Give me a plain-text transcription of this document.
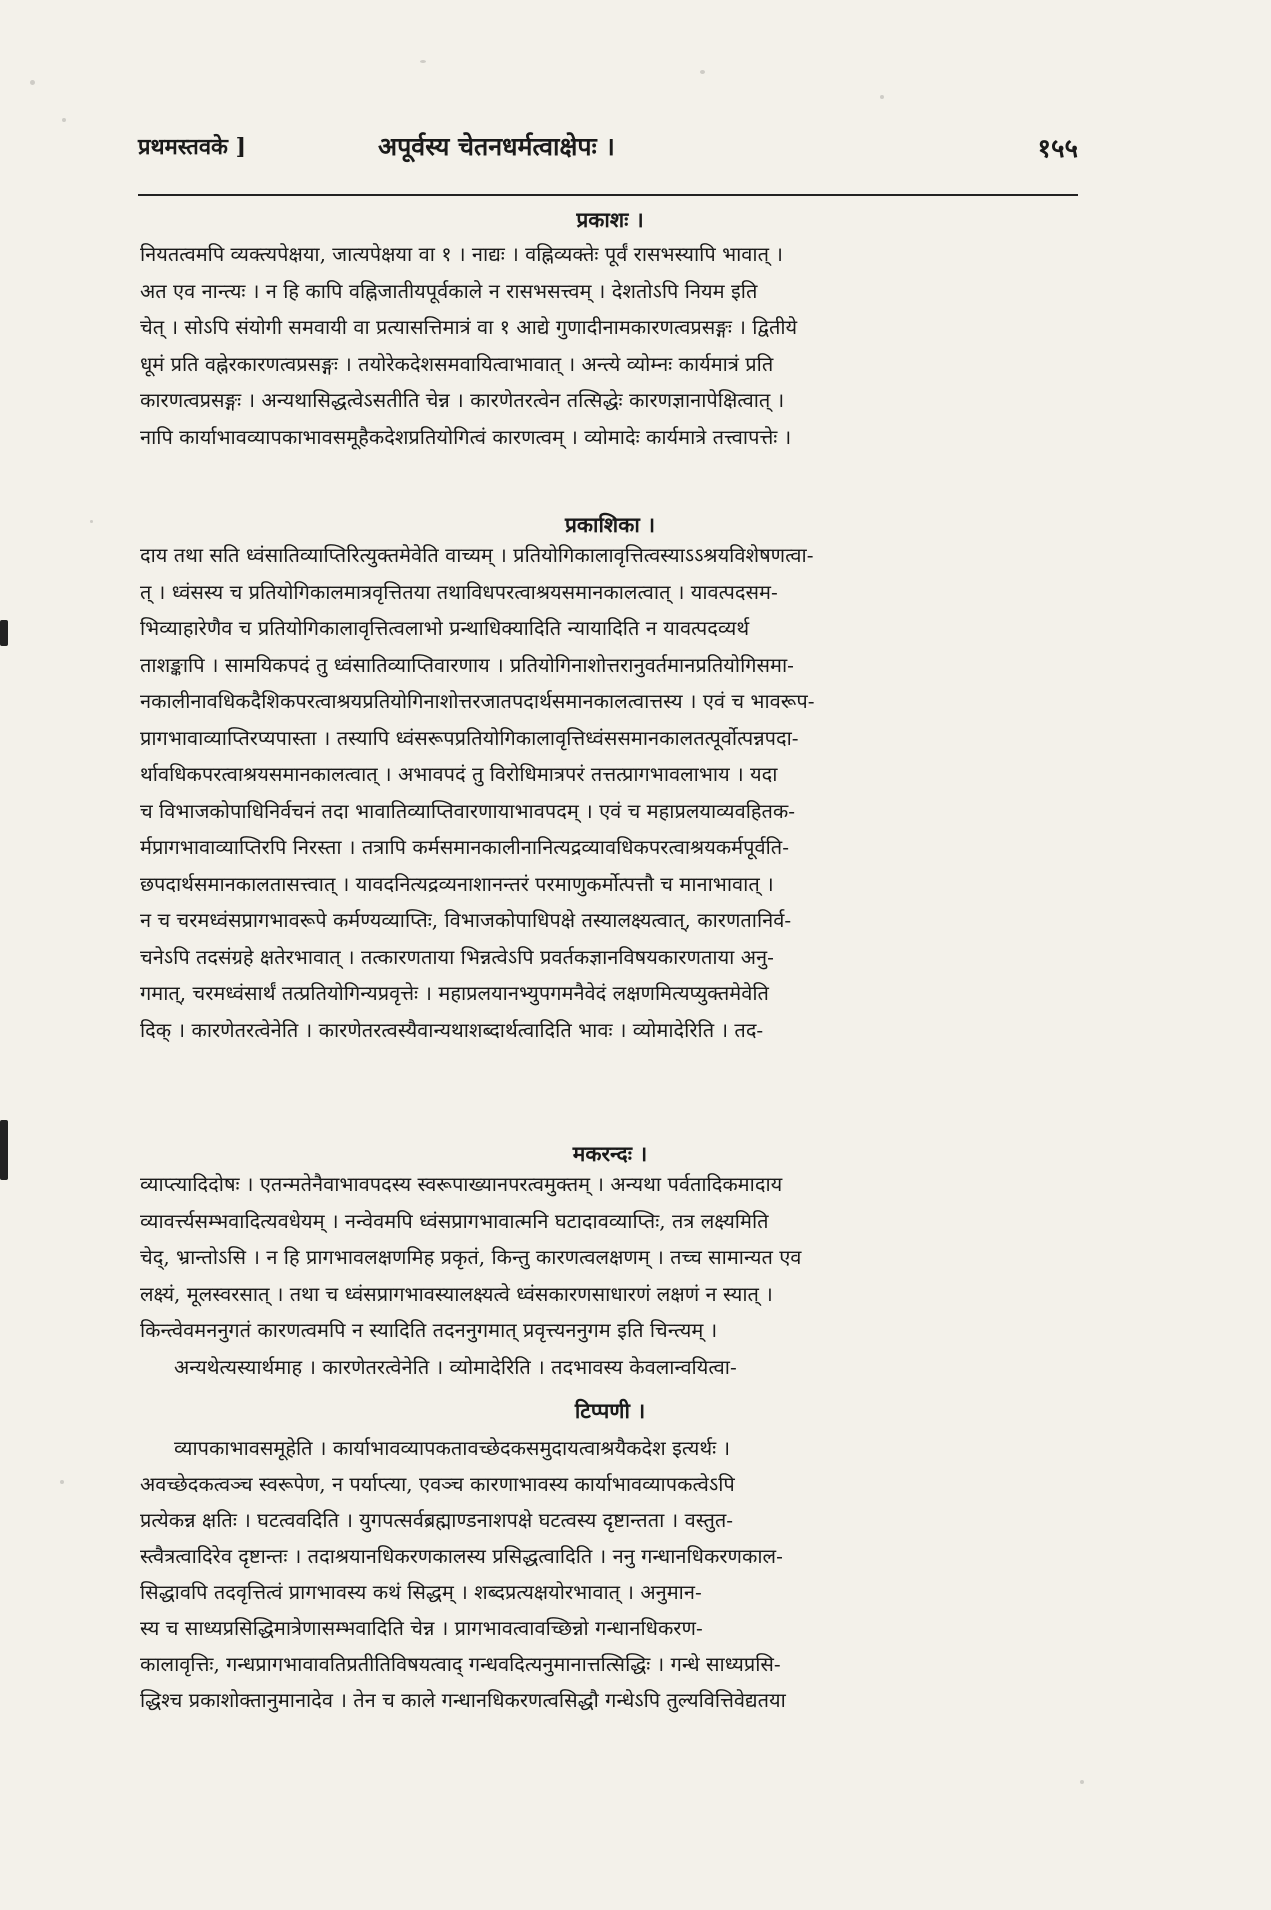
प्रथमस्तवके ]	अपूर्वस्य चेतनधर्मत्वाक्षेपः ।	१५५
प्रकाशः ।
नियतत्वमपि व्यक्त्यपेक्षया, जात्यपेक्षया वा १ । नाद्यः । वह्निव्यक्तेः पूर्वं रासभस्यापि भावात् ।
अत एव नान्त्यः । न हि कापि वह्निजातीयपूर्वकाले न रासभसत्त्वम् । देशतोऽपि नियम इति
चेत् । सोऽपि संयोगी समवायी वा प्रत्यासत्तिमात्रं वा १ आद्ये गुणादीनामकारणत्वप्रसङ्गः । द्वितीये
धूमं प्रति वह्नेरकारणत्वप्रसङ्गः । तयोरेकदेशसमवायित्वाभावात् । अन्त्ये व्योम्नः कार्यमात्रं प्रति
कारणत्वप्रसङ्गः । अन्यथासिद्धत्वेऽसतीति चेन्न । कारणेतरत्वेन तत्सिद्धेः कारणज्ञानापेक्षित्वात् ।
नापि कार्याभावव्यापकाभावसमूहैकदेशप्रतियोगित्वं कारणत्वम् । व्योमादेः कार्यमात्रे तत्त्वापत्तेः ।
प्रकाशिका ।
दाय तथा सति ध्वंसातिव्याप्तिरित्युक्तमेवेति वाच्यम् । प्रतियोगिकालावृत्तित्वस्याऽऽश्रयविशेषणत्वा-
त् । ध्वंसस्य च प्रतियोगिकालमात्रवृत्तितया तथाविधपरत्वाश्रयसमानकालत्वात् । यावत्पदसम-
भिव्याहारेणैव च प्रतियोगिकालावृत्तित्वलाभो प्रन्थाधिक्यादिति न्यायादिति न यावत्पदव्यर्थ
ताशङ्कापि । सामयिकपदं तु ध्वंसातिव्याप्तिवारणाय । प्रतियोगिनाशोत्तरानुवर्तमानप्रतियोगिसमा-
नकालीनावधिकदैशिकपरत्वाश्रयप्रतियोगिनाशोत्तरजातपदार्थसमानकालत्वात्तस्य । एवं च भावरूप-
प्रागभावाव्याप्तिरप्यपास्ता । तस्यापि ध्वंसरूपप्रतियोगिकालावृत्तिध्वंससमानकालतत्पूर्वोत्पन्नपदा-
र्थावधिकपरत्वाश्रयसमानकालत्वात् । अभावपदं तु विरोधिमात्रपरं तत्तत्प्रागभावलाभाय । यदा
च विभाजकोपाधिनिर्वचनं तदा भावातिव्याप्तिवारणायाभावपदम् । एवं च महाप्रलयाव्यवहितक-
र्मप्रागभावाव्याप्तिरपि निरस्ता । तत्रापि कर्मसमानकालीनानित्यद्रव्यावधिकपरत्वाश्रयकर्मपूर्वति-
छपदार्थसमानकालतासत्त्वात् । यावदनित्यद्रव्यनाशानन्तरं परमाणुकर्मोत्पत्तौ च मानाभावात् ।
न च चरमध्वंसप्रागभावरूपे कर्मण्यव्याप्तिः, विभाजकोपाधिपक्षे तस्यालक्ष्यत्वात्, कारणतानिर्व-
चनेऽपि तदसंग्रहे क्षतेरभावात् । तत्कारणताया भिन्नत्वेऽपि प्रवर्तकज्ञानविषयकारणताया अनु-
गमात्, चरमध्वंसार्थं तत्प्रतियोगिन्यप्रवृत्तेः । महाप्रलयानभ्युपगमनैवेदं लक्षणमित्यप्युक्तमेवेति
दिक् । कारणेतरत्वेनेति । कारणेतरत्वस्यैवान्यथाशब्दार्थत्वादिति भावः । व्योमादेरिति । तद-
मकरन्दः ।
व्याप्त्यादिदोषः । एतन्मतेनैवाभावपदस्य स्वरूपाख्यानपरत्वमुक्तम् । अन्यथा पर्वतादिकमादाय
व्यावर्त्त्यसम्भवादित्यवधेयम् । नन्वेवमपि ध्वंसप्रागभावात्मनि घटादावव्याप्तिः, तत्र लक्ष्यमिति
चेद्, भ्रान्तोऽसि । न हि प्रागभावलक्षणमिह प्रकृतं, किन्तु कारणत्वलक्षणम् । तच्च सामान्यत एव
लक्ष्यं, मूलस्वरसात् । तथा च ध्वंसप्रागभावस्यालक्ष्यत्वे ध्वंसकारणसाधारणं लक्षणं न स्यात् ।
किन्त्वेवमननुगतं कारणत्वमपि न स्यादिति तदननुगमात् प्रवृत्त्यननुगम इति चिन्त्यम् ।
अन्यथेत्यस्यार्थमाह । कारणेतरत्वेनेति । व्योमादेरिति । तदभावस्य केवलान्वयित्वा-
टिप्पणी ।
व्यापकाभावसमूहेति । कार्याभावव्यापकतावच्छेदकसमुदायत्वाश्रयैकदेश इत्यर्थः ।
अवच्छेदकत्वञ्च स्वरूपेण, न पर्याप्त्या, एवञ्च कारणाभावस्य कार्याभावव्यापकत्वेऽपि
प्रत्येकन्न क्षतिः । घटत्ववदिति । युगपत्सर्वब्रह्माण्डनाशपक्षे घटत्वस्य दृष्टान्तता । वस्तुत-
स्त्वैत्रत्वादिरेव दृष्टान्तः । तदाश्रयानधिकरणकालस्य प्रसिद्धत्वादिति । ननु गन्धानधिकरणकाल-
सिद्धावपि तदवृत्तित्वं प्रागभावस्य कथं सिद्धम् । शब्दप्रत्यक्षयोरभावात् । अनुमान-
स्य च साध्यप्रसिद्धिमात्रेणासम्भवादिति चेन्न । प्रागभावत्वावच्छिन्नो गन्धानधिकरण-
कालावृत्तिः, गन्धप्रागभावावतिप्रतीतिविषयत्वाद् गन्धवदित्यनुमानात्तत्सिद्धिः । गन्धे साध्यप्रसि-
द्धिश्च प्रकाशोक्तानुमानादेव । तेन च काले गन्धानधिकरणत्वसिद्धौ गन्धेऽपि तुल्यवित्तिवेद्यतया
